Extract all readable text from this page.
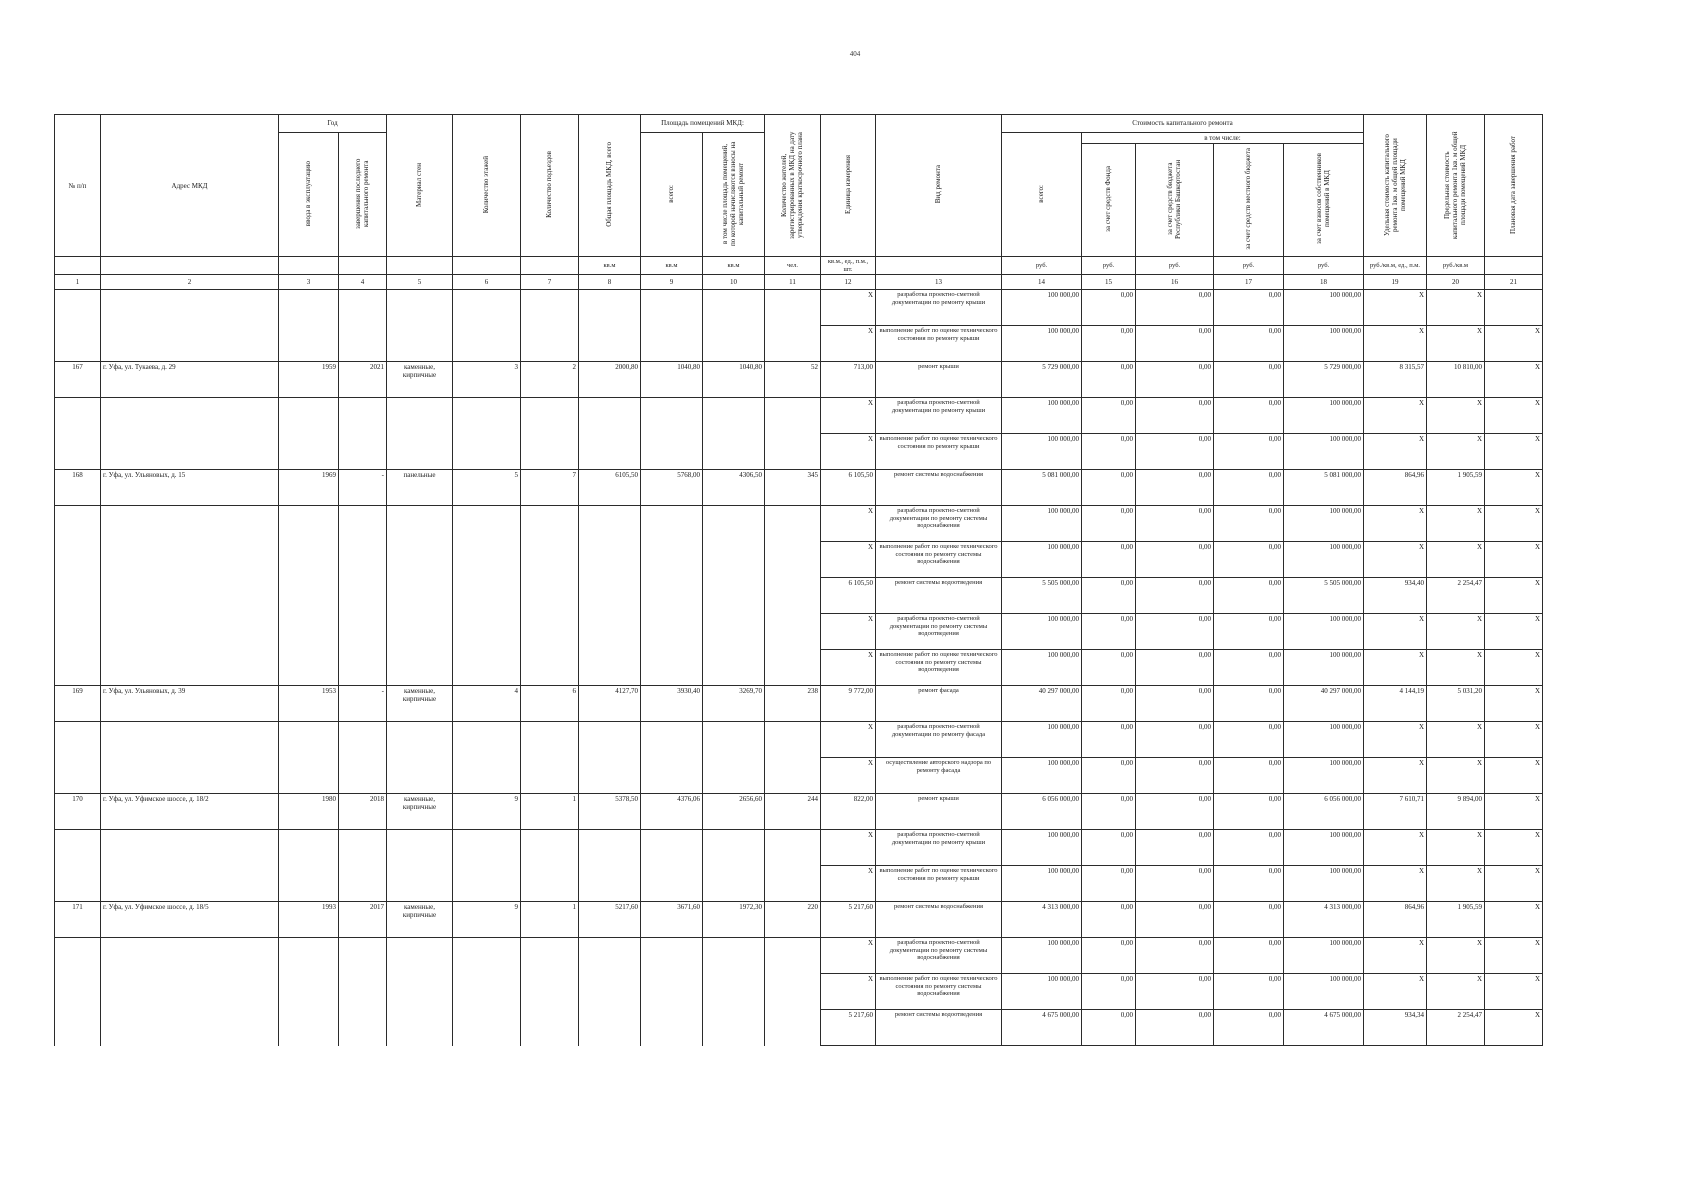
404
№ п/п	Адрес МКД	Год		Материал стен	Количество этажей	Количество подъездов	Общая площадь МКД, всего	Площадь помещений МКД:		Количество жителей, зарегистрированных в МКД на дату утверждения краткосрочного плана	Единица измерения	Вид ремонта	Стоимость капитального ремонта					Удельная стоимость капитального ремонта 1кв. м общей площади помещений МКД	Предельная стоимость капитального ремонта 1кв. м общей площади помещений МКД	Плановая дата завершения работ
		ввода в эксплуатацию	завершения последнего капитального ремонта					всего:	в том числе площадь помещений, по которой начисляются взносы на капитальный ремонт				всего:	в том числе:						
														за счет средств Фонда	за счет средств бюджета Республики Башкортостан	за счет средств местного бюджета	за счет взносов собственников помещений в МКД			
							кв.м	кв.м	кв.м	чел.	кв.м., ед., п.м., шт.		руб.	руб.	руб.	руб.	руб.	руб./кв.м, ед., п.м.	руб./кв.м	
1	2	3	4	5	6	7	8	9	10	11	12	13	14	15	16	17	18	19	20	21
											X	разработка проектно-сметной документации по ремонту крыши	100 000,00	0,00	0,00	0,00	100 000,00	X	X	
											X	выполнение работ по оценке технического состояния по ремонту крыши	100 000,00	0,00	0,00	0,00	100 000,00	X	X	X
167	г. Уфа, ул. Тукаева, д. 29	1959	2021	каменные, кирпичные	3	2	2000,80	1040,80	1040,80	52	713,00	ремонт крыши	5 729 000,00	0,00	0,00	0,00	5 729 000,00	8 315,57	10 810,00	X
											X	разработка проектно-сметной документации по ремонту крыши	100 000,00	0,00	0,00	0,00	100 000,00	X	X	X
											X	выполнение работ по оценке технического состояния по ремонту крыши	100 000,00	0,00	0,00	0,00	100 000,00	X	X	X
168	г. Уфа, ул. Ульяновых, д. 15	1969	-	панельные	5	7	6105,50	5768,00	4306,50	345	6 105,50	ремонт системы водоснабжения	5 081 000,00	0,00	0,00	0,00	5 081 000,00	864,96	1 905,59	X
											X	разработка проектно-сметной документации по ремонту системы водоснабжения	100 000,00	0,00	0,00	0,00	100 000,00	X	X	X
											X	выполнение работ по оценке технического состояния по ремонту системы водоснабжения	100 000,00	0,00	0,00	0,00	100 000,00	X	X	X
											6 105,50	ремонт системы водоотведения	5 505 000,00	0,00	0,00	0,00	5 505 000,00	934,40	2 254,47	X
											X	разработка проектно-сметной документации по ремонту системы водоотведения	100 000,00	0,00	0,00	0,00	100 000,00	X	X	X
											X	выполнение работ по оценке технического состояния по ремонту системы водоотведения	100 000,00	0,00	0,00	0,00	100 000,00	X	X	X
169	г. Уфа, ул. Ульяновых, д. 39	1953	-	каменные, кирпичные	4	6	4127,70	3930,40	3269,70	238	9 772,00	ремонт фасада	40 297 000,00	0,00	0,00	0,00	40 297 000,00	4 144,19	5 031,20	X
											X	разработка проектно-сметной документации по ремонту фасада	100 000,00	0,00	0,00	0,00	100 000,00	X	X	X
											X	осуществление авторского надзора по ремонту фасада	100 000,00	0,00	0,00	0,00	100 000,00	X	X	X
170	г. Уфа, ул. Уфимское шоссе, д. 18/2	1980	2018	каменные, кирпичные	9	1	5378,50	4376,06	2656,60	244	822,00	ремонт крыши	6 056 000,00	0,00	0,00	0,00	6 056 000,00	7 610,71	9 894,00	X
											X	разработка проектно-сметной документации по ремонту крыши	100 000,00	0,00	0,00	0,00	100 000,00	X	X	X
											X	выполнение работ по оценке технического состояния по ремонту крыши	100 000,00	0,00	0,00	0,00	100 000,00	X	X	X
171	г. Уфа, ул. Уфимское шоссе, д. 18/5	1993	2017	каменные, кирпичные	9	1	5217,60	3671,60	1972,30	220	5 217,60	ремонт системы водоснабжения	4 313 000,00	0,00	0,00	0,00	4 313 000,00	864,96	1 905,59	X
											X	разработка проектно-сметной документации по ремонту системы водоснабжения	100 000,00	0,00	0,00	0,00	100 000,00	X	X	X
											X	выполнение работ по оценке технического состояния по ремонту системы водоснабжения	100 000,00	0,00	0,00	0,00	100 000,00	X	X	X
											5 217,60	ремонт системы водоотведения	4 675 000,00	0,00	0,00	0,00	4 675 000,00	934,34	2 254,47	X
